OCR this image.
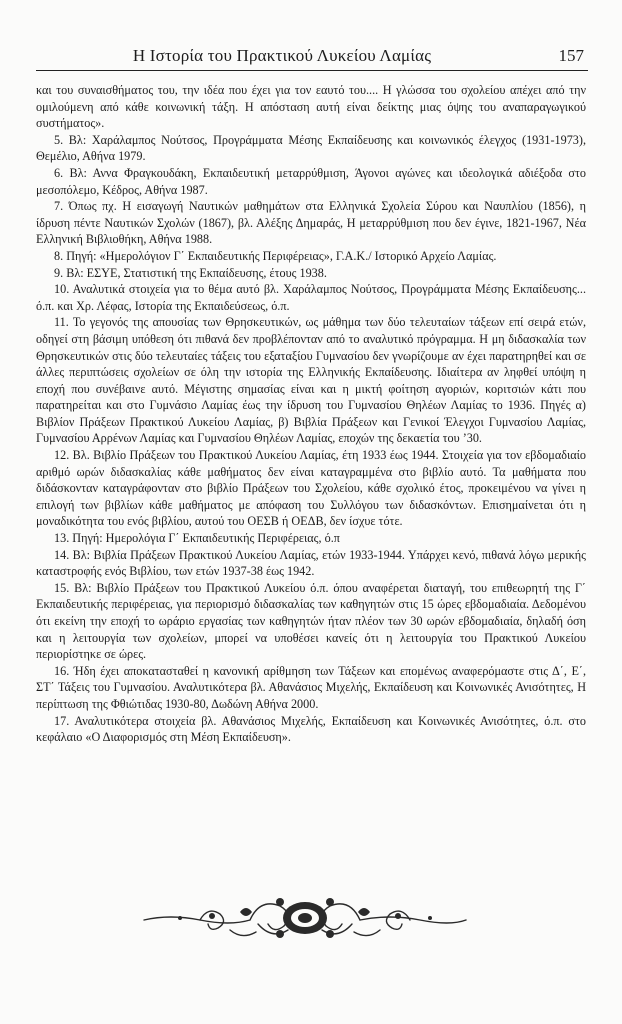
Η Ιστορία του Πρακτικού Λυκείου Λαμίας	157

και του συναισθήματος του, την ιδέα που έχει για τον εαυτό του.... Η γλώσσα του σχολείου απέχει από την ομιλούμενη από κάθε κοινωνική τάξη. Η απόσταση αυτή είναι δείκτης μιας όψης του αναπαραγωγικού συστήματος».

5. Βλ: Χαράλαμπος Νούτσος, Προγράμματα Μέσης Εκπαίδευσης και κοινωνικός έλεγχος (1931-1973), Θεμέλιο, Αθήνα 1979.

6. Βλ: Αννα Φραγκουδάκη, Εκπαιδευτική μεταρρύθμιση, Άγονοι αγώνες και ιδεολογικά αδιέξοδα στο μεσοπόλεμο, Κέδρος, Αθήνα 1987.

7. Όπως πχ. Η εισαγωγή Ναυτικών μαθημάτων στα Ελληνικά Σχολεία Σύρου και Ναυπλίου (1856), η ίδρυση πέντε Ναυτικών Σχολών (1867), βλ. Αλέξης Δημαράς, Η μεταρρύθμιση που δεν έγινε, 1821-1967, Νέα Ελληνική Βιβλιοθήκη, Αθήνα 1988.

8. Πηγή: «Ημερολόγιον Γ΄ Εκπαιδευτικής Περιφέρειας», Γ.Α.Κ./ Ιστορικό Αρχείο Λαμίας.

9. Βλ: ΕΣΥΕ, Στατιστική της Εκπαίδευσης, έτους 1938.

10. Αναλυτικά στοιχεία για το θέμα αυτό βλ. Χαράλαμπος Νούτσος, Προγράμματα Μέσης Εκπαίδευσης... ό.π. και Χρ. Λέφας, Ιστορία της Εκπαιδεύσεως, ό.π.

11. Το γεγονός της απουσίας των Θρησκευτικών, ως μάθημα των δύο τελευταίων τάξεων επί σειρά ετών, οδηγεί στη βάσιμη υπόθεση ότι πιθανά δεν προβλέπονταν από το αναλυτικό πρόγραμμα. Η μη διδασκαλία των Θρησκευτικών στις δύο τελευταίες τάξεις του εξαταξίου Γυμνασίου δεν γνωρίζουμε αν έχει παρατηρηθεί και σε άλλες περιπτώσεις σχολείων σε όλη την ιστορία της Ελληνικής Εκπαίδευσης. Ιδιαίτερα αν ληφθεί υπόψη η εποχή που συνέβαινε αυτό. Μέγιστης σημασίας είναι και η μικτή φοίτηση αγοριών, κοριτσιών κάτι που παρατηρείται και στο Γυμνάσιο Λαμίας έως την ίδρυση του Γυμνασίου Θηλέων Λαμίας το 1936. Πηγές α) Βιβλίον Πράξεων Πρακτικού Λυκείου Λαμίας, β) Βιβλία Πράξεων και Γενικοί Έλεγχοι Γυμνασίου Λαμίας, Γυμνασίου Αρρένων Λαμίας και Γυμνασίου Θηλέων Λαμίας, εποχών της δεκαετία του ’30.

12. Βλ. Βιβλίο Πράξεων του Πρακτικού Λυκείου Λαμίας, έτη 1933 έως 1944. Στοιχεία για τον εβδομαδιαίο αριθμό ωρών διδασκαλίας κάθε μαθήματος δεν είναι καταγραμμένα στο βιβλίο αυτό. Τα μαθήματα που διδάσκονταν καταγράφονταν στο βιβλίο Πράξεων του Σχολείου, κάθε σχολικό έτος, προκειμένου να γίνει η επιλογή των βιβλίων κάθε μαθήματος με απόφαση του Συλλόγου των διδασκόντων. Επισημαίνεται ότι η μοναδικότητα του ενός βιβλίου, αυτού του ΟΕΣΒ ή ΟΕΔΒ, δεν ίσχυε τότε.

13. Πηγή: Ημερολόγια Γ΄ Εκπαιδευτικής Περιφέρειας, ό.π

14. Βλ: Βιβλία Πράξεων Πρακτικού Λυκείου Λαμίας, ετών 1933-1944. Υπάρχει κενό, πιθανά λόγω μερικής καταστροφής ενός Βιβλίου, των ετών 1937-38 έως 1942.

15. Βλ: Βιβλίο Πράξεων του Πρακτικού Λυκείου ό.π. όπου αναφέρεται διαταγή, του επιθεωρητή της Γ΄ Εκπαιδευτικής περιφέρειας, για περιορισμό διδασκαλίας των καθηγητών στις 15 ώρες εβδομαδιαία. Δεδομένου ότι εκείνη την εποχή το ωράριο εργασίας των καθηγητών ήταν πλέον των 30 ωρών εβδομαδιαία, δηλαδή όση και η λειτουργία των σχολείων, μπορεί να υποθέσει κανείς ότι η λειτουργία του Πρακτικού Λυκείου περιορίστηκε σε ώρες.

16. Ήδη έχει αποκατασταθεί η κανονική αρίθμηση των Τάξεων και επομένως αναφερόμαστε στις Δ΄, Ε΄, ΣΤ΄ Τάξεις του Γυμνασίου. Αναλυτικότερα βλ. Αθανάσιος Μιχελής, Εκπαίδευση και Κοινωνικές Ανισότητες, Η περίπτωση της Φθιώτιδας 1930-80, Δωδώνη Αθήνα 2000.

17. Αναλυτικότερα στοιχεία βλ. Αθανάσιος Μιχελής, Εκπαίδευση και Κοινωνικές Ανισότητες, ό.π. στο κεφάλαιο «Ο Διαφορισμός στη Μέση Εκπαίδευση».
